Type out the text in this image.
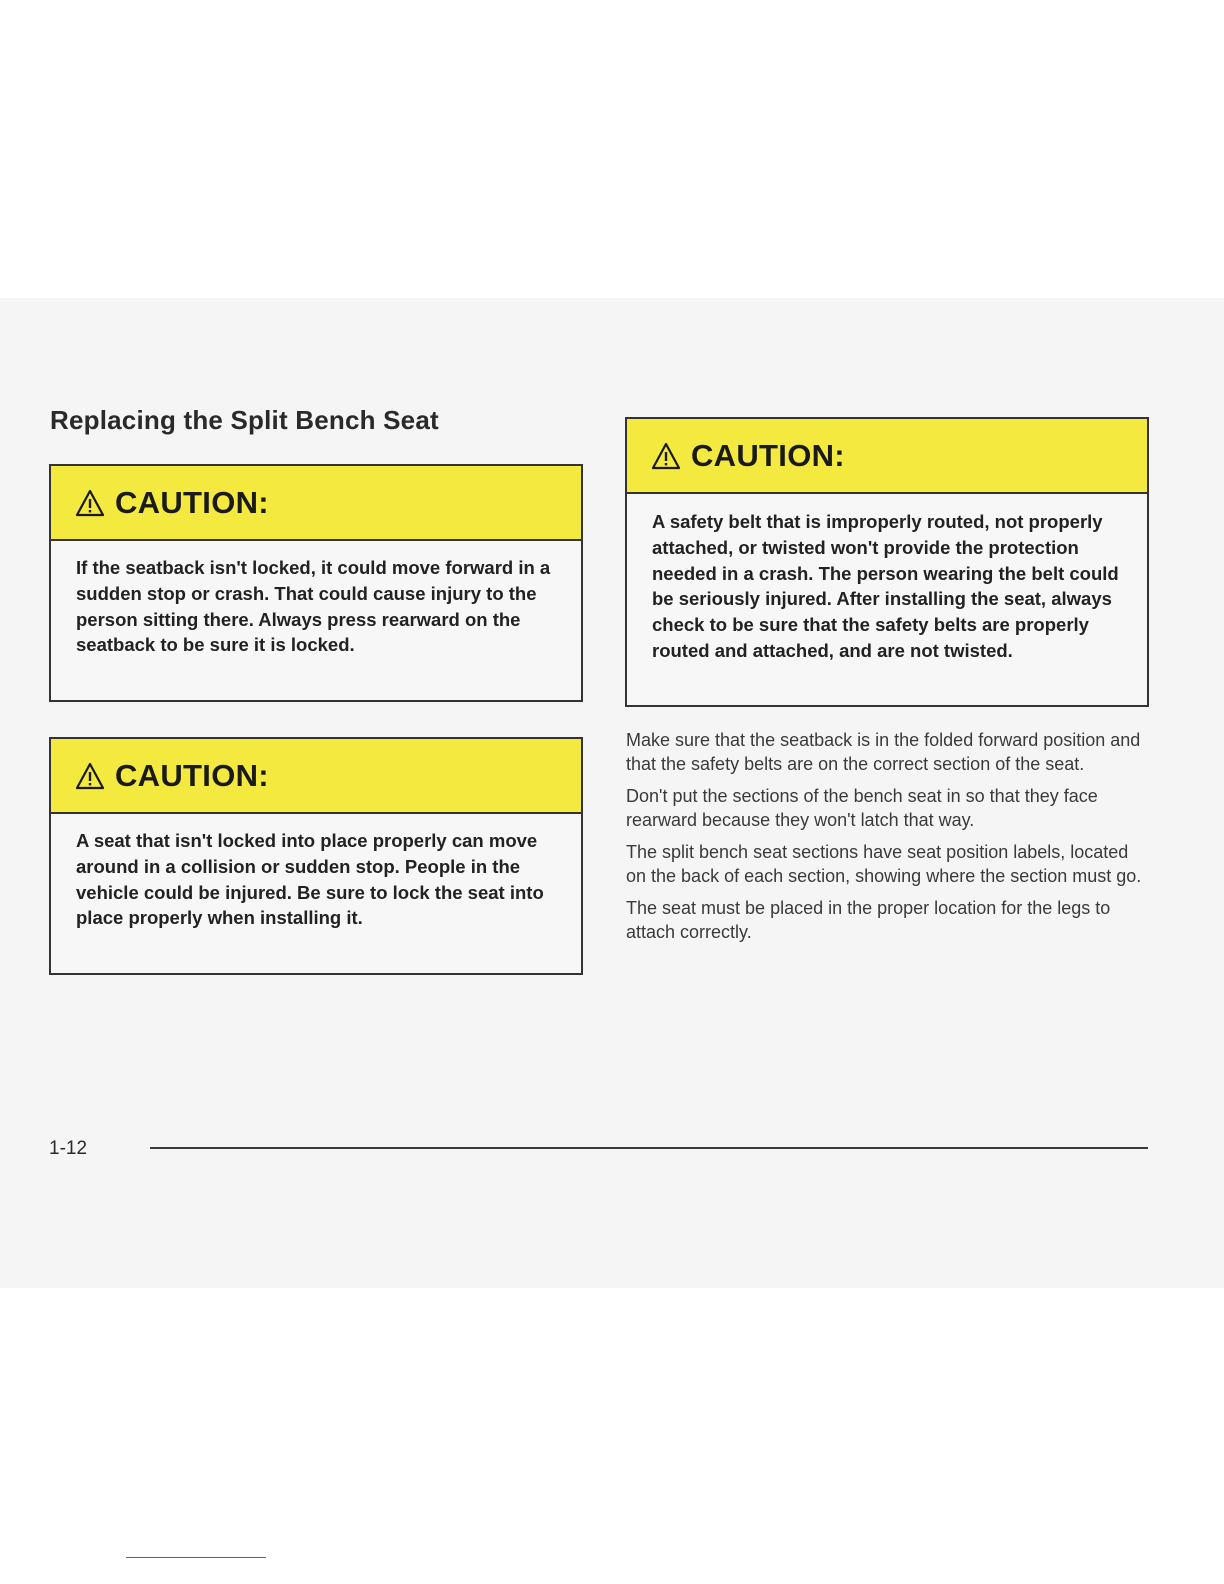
Replacing the Split Bench Seat
CAUTION:
If the seatback isn't locked, it could move forward in a sudden stop or crash. That could cause injury to the person sitting there. Always press rearward on the seatback to be sure it is locked.
CAUTION:
A seat that isn't locked into place properly can move around in a collision or sudden stop. People in the vehicle could be injured. Be sure to lock the seat into place properly when installing it.
CAUTION:
A safety belt that is improperly routed, not properly attached, or twisted won't provide the protection needed in a crash. The person wearing the belt could be seriously injured. After installing the seat, always check to be sure that the safety belts are properly routed and attached, and are not twisted.

Make sure that the seatback is in the folded forward position and that the safety belts are on the correct section of the seat.

Don't put the sections of the bench seat in so that they face rearward because they won't latch that way.

The split bench seat sections have seat position labels, located on the back of each section, showing where the section must go.

The seat must be placed in the proper location for the legs to attach correctly.

1-12
